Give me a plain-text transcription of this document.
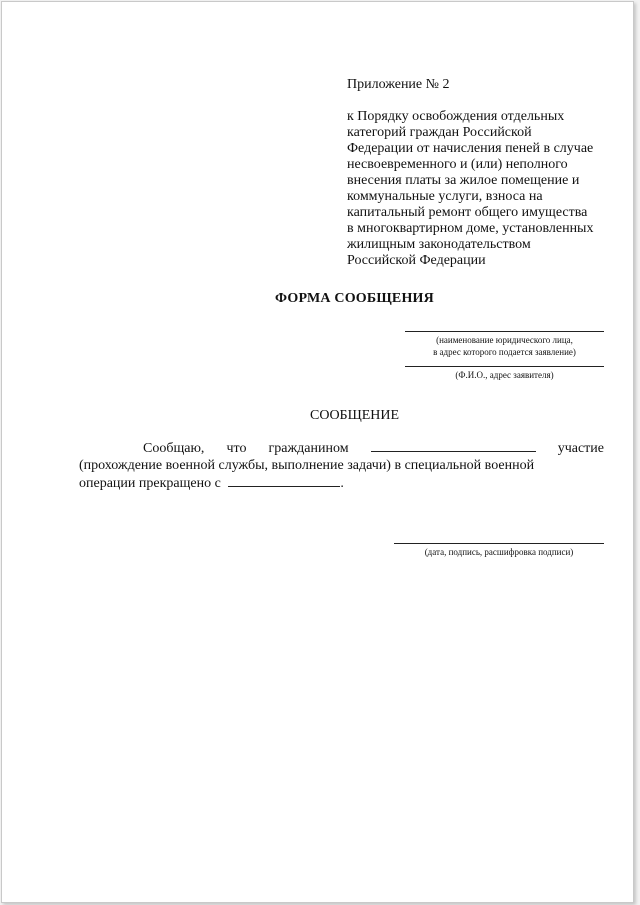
Приложение № 2
к Порядку освобождения отдельных
категорий граждан Российской
Федерации от начисления пеней в случае
несвоевременного и (или) неполного
внесения платы за жилое помещение и
коммунальные услуги, взноса на
капитальный ремонт общего имущества
в многоквартирном доме, установленных
жилищным законодательством
Российской Федерации
ФОРМА СООБЩЕНИЯ
(наименование юридического лица,
в адрес которого подается заявление)
(Ф.И.О., адрес заявителя)
СООБЩЕНИЕ
Сообщаю, что гражданином	участие
(прохождение военной службы, выполнение задачи) в специальной военной
операции прекращено с	.
(дата, подпись, расшифровка подписи)
